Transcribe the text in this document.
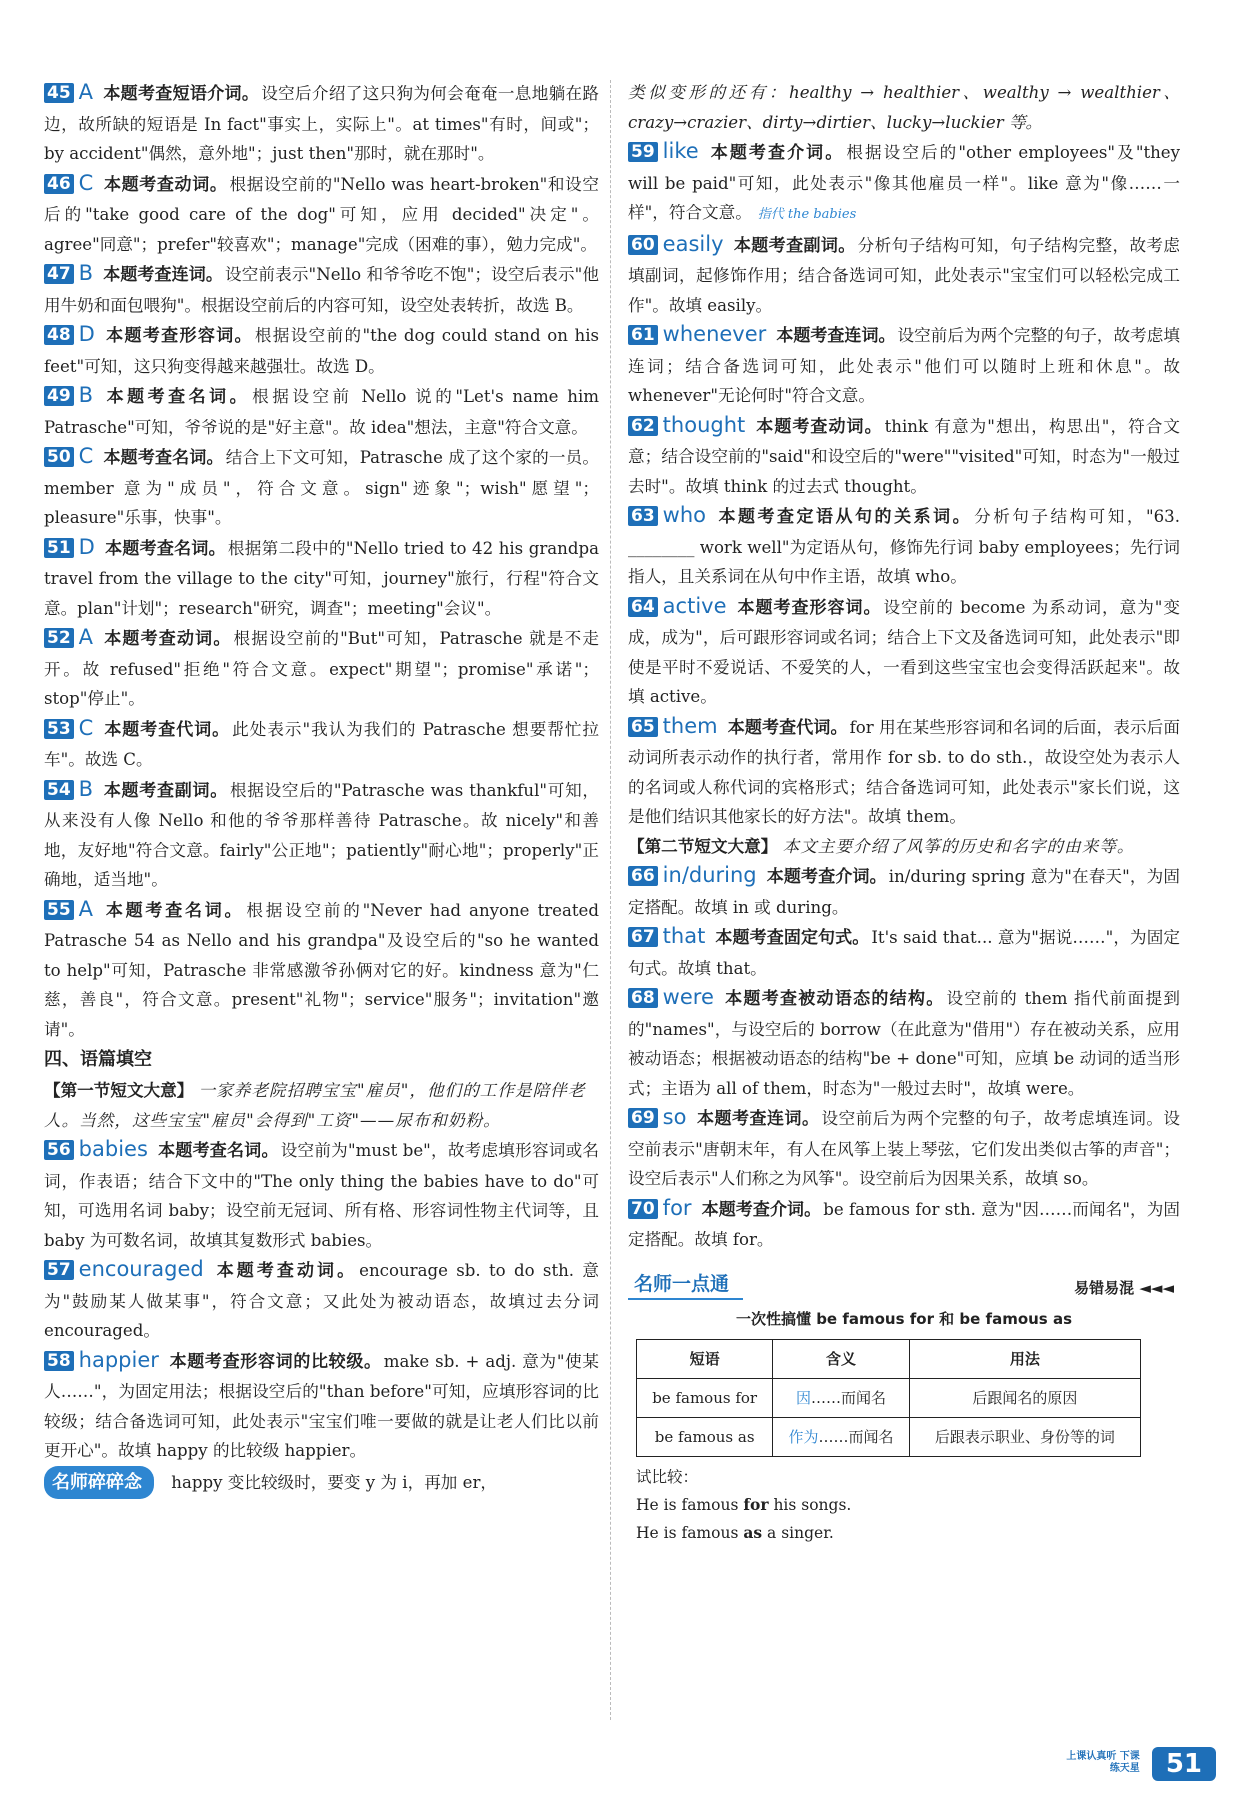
45 A 本题考查短语介词。 设空后介绍了这只狗为何会奄奄一息地躺在路边，故所缺的短语是 In fact"事实上，实际上"。at times"有时，间或"；by accident"偶然，意外地"；just then"那时，就在那时"。
46 C 本题考查动词。 根据设空前的"Nello was heart-broken"和设空后的"take good care of the dog"可知，应用 decided"决定"。agree"同意"；prefer"较喜欢"；manage"完成（困难的事），勉力完成"。
47 B 本题考查连词。 设空前表示"Nello 和爷爷吃不饱"；设空后表示"他用牛奶和面包喂狗"。根据设空前后的内容可知，设空处表转折，故选 B。
48 D 本题考查形容词。 根据设空前的"the dog could stand on his feet"可知，这只狗变得越来越强壮。故选 D。
49 B 本题考查名词。 根据设空前 Nello 说的"Let's name him Patrasche"可知，爷爷说的是"好主意"。故 idea"想法，主意"符合文意。
50 C 本题考查名词。 结合上下文可知，Patrasche 成了这个家的一员。member 意为"成员"，符合文意。sign"迹象"；wish"愿望"；pleasure"乐事，快事"。
51 D 本题考查名词。 根据第二段中的"Nello tried to 42 his grandpa travel from the village to the city"可知，journey"旅行，行程"符合文意。plan"计划"；research"研究，调查"；meeting"会议"。
52 A 本题考查动词。 根据设空前的"But"可知，Patrasche 就是不走开。故 refused"拒绝"符合文意。expect"期望"；promise"承诺"；stop"停止"。
53 C 本题考查代词。 此处表示"我认为我们的 Patrasche 想要帮忙拉车"。故选 C。
54 B 本题考查副词。 根据设空后的"Patrasche was thankful"可知，从来没有人像 Nello 和他的爷爷那样善待 Patrasche。故 nicely"和善地，友好地"符合文意。fairly"公正地"；patiently"耐心地"；properly"正确地，适当地"。
55 A 本题考查名词。 根据设空前的"Never had anyone treated Patrasche 54 as Nello and his grandpa"及设空后的"so he wanted to help"可知，Patrasche 非常感激爷孙俩对它的好。kindness 意为"仁慈，善良"，符合文意。present"礼物"；service"服务"；invitation"邀请"。
四、语篇填空
【第一节短文大意】 一家养老院招聘宝宝"雇员"，他们的工作是陪伴老人。当然，这些宝宝"雇员"会得到"工资"——尿布和奶粉。
56 babies 本题考查名词。 设空前为"must be"，故考虑填形容词或名词，作表语；结合下文中的"The only thing the babies have to do"可知，可选用名词 baby；设空前无冠词、所有格、形容词性物主代词等，且 baby 为可数名词，故填其复数形式 babies。
57 encouraged 本题考查动词。 encourage sb. to do sth. 意为"鼓励某人做某事"，符合文意；又此处为被动语态，故填过去分词 encouraged。
58 happier 本题考查形容词的比较级。 make sb. + adj. 意为"使某人……"，为固定用法；根据设空后的"than before"可知，应填形容词的比较级；结合备选词可知，此处表示"宝宝们唯一要做的就是让老人们比以前更开心"。故填 happy 的比较级 happier。
名师碎碎念 happy 变比较级时，要变 y 为 i，再加 er，
类似变形的还有：healthy → healthier、wealthy → wealthier、crazy→crazier、dirty→dirtier、lucky→luckier 等。
59 like 本题考查介词。 根据设空后的"other employees"及"they will be paid"可知，此处表示"像其他雇员一样"。like 意为"像……一样"，符合文意。 指代 the babies
60 easily 本题考查副词。 分析句子结构可知，句子结构完整，故考虑填副词，起修饰作用；结合备选词可知，此处表示"宝宝们可以轻松完成工作"。故填 easily。
61 whenever 本题考查连词。 设空前后为两个完整的句子，故考虑填连词；结合备选词可知，此处表示"他们可以随时上班和休息"。故 whenever"无论何时"符合文意。
62 thought 本题考查动词。 think 有意为"想出，构思出"，符合文意；结合设空前的"said"和设空后的"were""visited"可知，时态为"一般过去时"。故填 think 的过去式 thought。
63 who 本题考查定语从句的关系词。 分析句子结构可知，"63. ________ work well"为定语从句，修饰先行词 baby employees；先行词指人，且关系词在从句中作主语，故填 who。
64 active 本题考查形容词。 设空前的 become 为系动词，意为"变成，成为"，后可跟形容词或名词；结合上下文及备选词可知，此处表示"即使是平时不爱说话、不爱笑的人，一看到这些宝宝也会变得活跃起来"。故填 active。
65 them 本题考查代词。 for 用在某些形容词和名词的后面，表示后面动词所表示动作的执行者，常用作 for sb. to do sth.，故设空处为表示人的名词或人称代词的宾格形式；结合备选词可知，此处表示"家长们说，这是他们结识其他家长的好方法"。故填 them。
【第二节短文大意】 本文主要介绍了风筝的历史和名字的由来等。
66 in/during 本题考查介词。 in/during spring 意为"在春天"，为固定搭配。故填 in 或 during。
67 that 本题考查固定句式。 It's said that... 意为"据说……"，为固定句式。故填 that。
68 were 本题考查被动语态的结构。 设空前的 them 指代前面提到的"names"，与设空后的 borrow（在此意为"借用"）存在被动关系，应用被动语态；根据被动语态的结构"be + done"可知，应填 be 动词的适当形式；主语为 all of them，时态为"一般过去时"，故填 were。
69 so 本题考查连词。 设空前后为两个完整的句子，故考虑填连词。设空前表示"唐朝末年，有人在风筝上装上琴弦，它们发出类似古筝的声音"；设空后表示"人们称之为风筝"。设空前后为因果关系，故填 so。
70 for 本题考查介词。 be famous for sth. 意为"因……而闻名"，为固定搭配。故填 for。
名师一点通	易错易混 ◄◄◄
一次性搞懂 be famous for 和 be famous as
短语	含义	用法
be famous for	因……而闻名	后跟闻名的原因
be famous as	作为……而闻名	后跟表示职业、身份等的词
试比较：
He is famous for his songs.
He is famous as a singer.
上课认真听 下课练天星 51
